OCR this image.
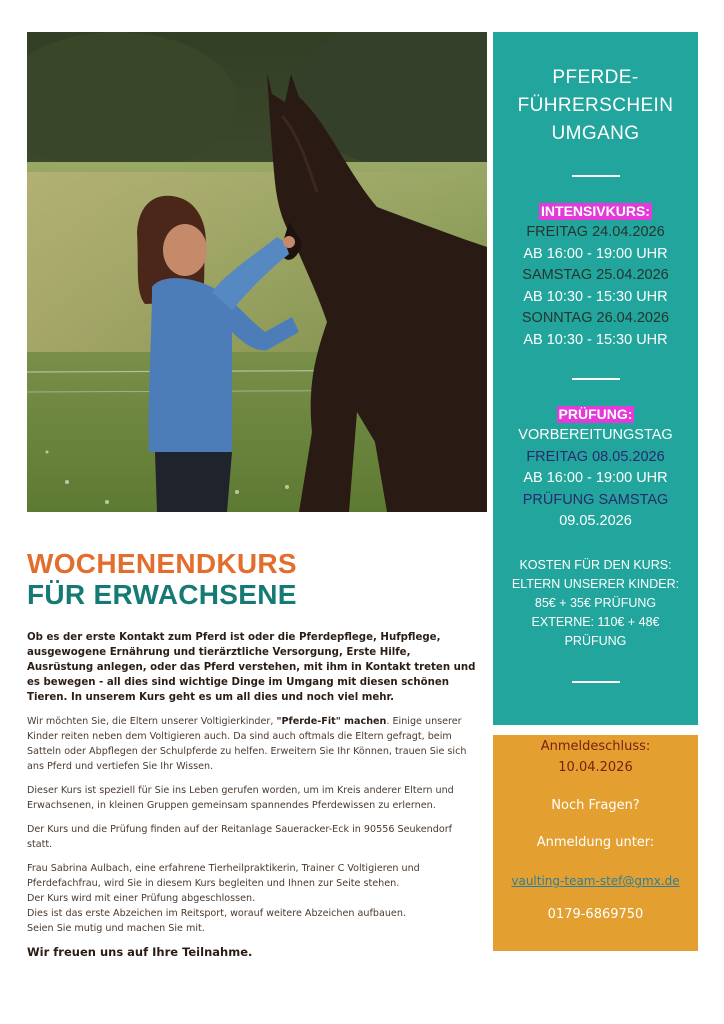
WOCHENENDKURS
FÜR ERWACHSENE

Ob es der erste Kontakt zum Pferd ist oder die Pferdepflege, Hufpflege, ausgewogene Ernährung und tierärztliche Versorgung, Erste Hilfe, Ausrüstung anlegen, oder das Pferd verstehen, mit ihm in Kontakt treten und es bewegen - all dies sind wichtige Dinge im Umgang mit diesen schönen Tieren. In unserem Kurs geht es um all dies und noch viel mehr.

Wir möchten Sie, die Eltern unserer Voltigierkinder, "Pferde-Fit" machen. Einige unserer Kinder reiten neben dem Voltigieren auch. Da sind auch oftmals die Eltern gefragt, beim Satteln oder Abpflegen der Schulpferde zu helfen. Erweitern Sie Ihr Können, trauen Sie sich ans Pferd und vertiefen Sie Ihr Wissen.

Dieser Kurs ist speziell für Sie ins Leben gerufen worden, um im Kreis anderer Eltern und Erwachsenen, in kleinen Gruppen gemeinsam spannendes Pferdewissen zu erlernen.

Der Kurs und die Prüfung finden auf der Reitanlage Saueracker-Eck in 90556 Seukendorf statt.

Frau Sabrina Aulbach, eine erfahrene Tierheilpraktikerin, Trainer C Voltigieren und Pferdefachfrau, wird Sie in diesem Kurs begleiten und Ihnen zur Seite stehen.

Der Kurs wird mit einer Prüfung abgeschlossen.

Dies ist das erste Abzeichen im Reitsport, worauf weitere Abzeichen aufbauen.

Seien Sie mutig und machen Sie mit.

Wir freuen uns auf Ihre Teilnahme.
PFERDE-
FÜHRERSCHEIN
UMGANG
INTENSIVKURS:
FREITAG 24.04.2026
AB 16:00 - 19:00 UHR
SAMSTAG 25.04.2026
AB 10:30 - 15:30 UHR
SONNTAG 26.04.2026
AB 10:30 - 15:30 UHR
PRÜFUNG:
VORBEREITUNGSTAG
FREITAG 08.05.2026
AB 16:00 - 19:00 UHR
PRÜFUNG SAMSTAG
09.05.2026
KOSTEN FÜR DEN KURS:
ELTERN UNSERER KINDER:
85€ + 35€ PRÜFUNG
EXTERNE: 110€ + 48€
PRÜFUNG
Anmeldeschluss:
10.04.2026
Noch Fragen?
Anmeldung unter:
vaulting-team-stef@gmx.de
0179-6869750
